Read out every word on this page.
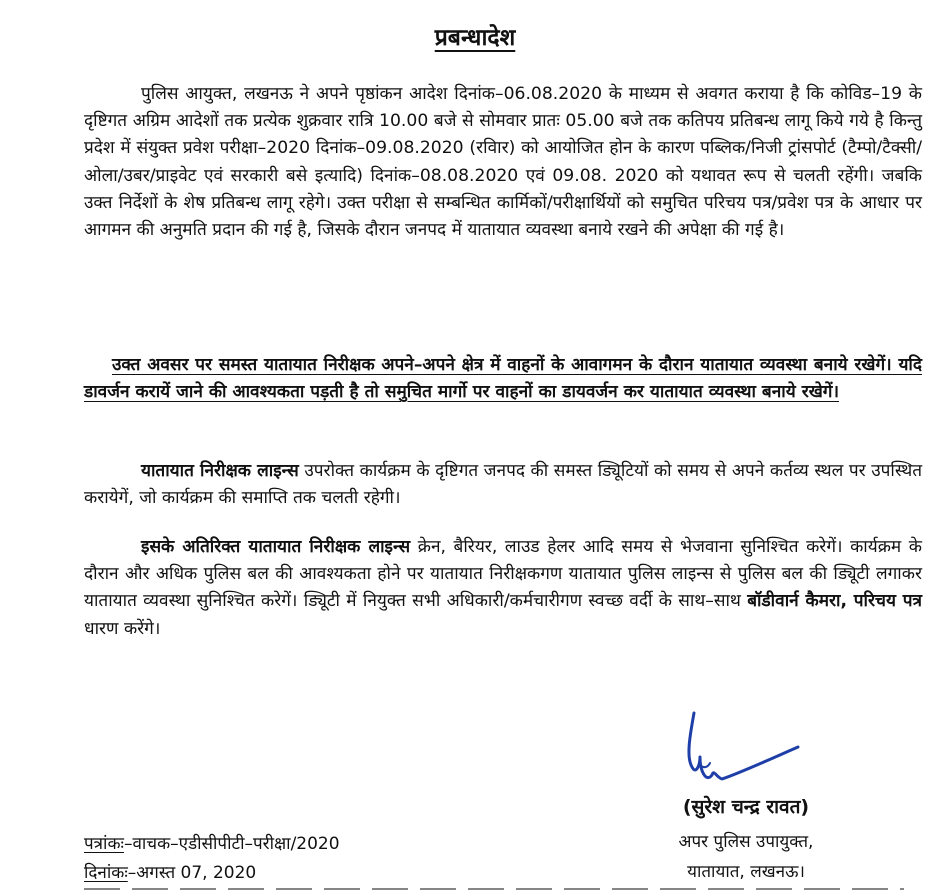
प्रबन्धादेश

पुलिस आयुक्त, लखनऊ ने अपने पृष्ठांकन आदेश दिनांक–06.08.2020 के माध्यम से अवगत कराया है कि कोविड–19 के दृष्टिगत अग्रिम आदेशों तक प्रत्येक शुक्रवार रात्रि 10.00 बजे से सोमवार प्रातः 05.00 बजे तक कतिपय प्रतिबन्ध लागू किये गये है किन्तु प्रदेश में संयुक्त प्रवेश परीक्षा–2020 दिनांक–09.08.2020 (रविार) को आयोजित होन के कारण पब्लिक/निजी ट्रांसपोर्ट (टैम्पो/टैक्सी/ ओला/उबर/प्राइवेट एवं सरकारी बसे इत्यादि) दिनांक–08.08.2020 एवं 09.08. 2020 को यथावत रूप से चलती रहेंगी। जबकि उक्त निर्देशों के शेष प्रतिबन्ध लागू रहेगे। उक्त परीक्षा से सम्बन्धित कार्मिकों/परीक्षार्थियों को समुचित परिचय पत्र/प्रवेश पत्र के आधार पर आगमन की अनुमति प्रदान की गई है, जिसके दौरान जनपद में यातायात व्यवस्था बनाये रखने की अपेक्षा की गई है।

उक्त अवसर पर समस्त यातायात निरीक्षक अपने–अपने क्षेत्र में वाहनों के आवागमन के दौरान यातायात व्यवस्था बनाये रखेगें। यदि डावर्जन करायें जाने की आवश्यकता पड़ती है तो समुचित मार्गो पर वाहनों का डायवर्जन कर यातायात व्यवस्था बनाये रखेगें।

यातायात निरीक्षक लाइन्स उपरोक्त कार्यक्रम के दृष्टिगत जनपद की समस्त ड्यिूटियों को समय से अपने कर्तव्य स्थल पर उपस्थित करायेगें, जो कार्यक्रम की समाप्ति तक चलती रहेगी।

इसके अतिरिक्त यातायात निरीक्षक लाइन्स क्रेन, बैरियर, लाउड हेलर आदि समय से भेजवाना सुनिश्चित करेगें। कार्यक्रम के दौरान और अधिक पुलिस बल की आवश्यकता होने पर यातायात निरीक्षकगण यातायात पुलिस लाइन्स से पुलिस बल की ड्यिूटी लगाकर यातायात व्यवस्था सुनिश्चित करेगें। ड्यिूटी में नियुक्त सभी अधिकारी/कर्मचारीगण स्वच्छ वर्दी के साथ–साथ बॉडीवार्न कैमरा, परिचय पत्र धारण करेंगे।

(सुरेश चन्द्र रावत)
अपर पुलिस उपायुक्त,
यातायात, लखनऊ।
पत्रांकः–वाचक–एडीसीपीटी–परीक्षा/2020
दिनांकः–अगस्त 07, 2020
